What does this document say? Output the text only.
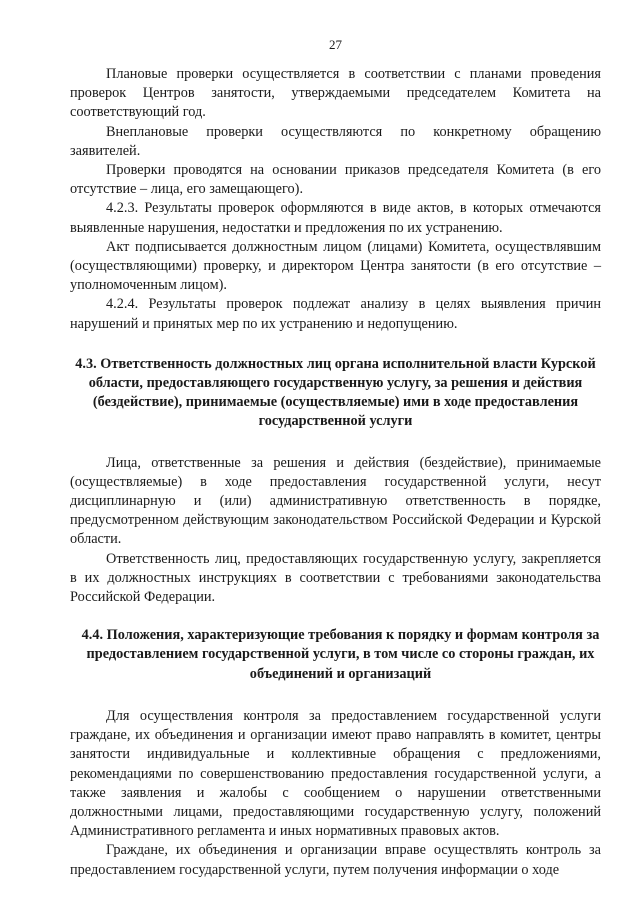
27

Плановые проверки осуществляется в соответствии с планами проведения проверок Центров занятости, утверждаемыми председателем Комитета на соответствующий год.

Внеплановые проверки осуществляются по конкретному обращению заявителей.

Проверки проводятся на основании приказов председателя Комитета (в его отсутствие – лица, его замещающего).

4.2.3. Результаты проверок оформляются в виде актов, в которых отмечаются выявленные нарушения, недостатки и предложения по их устранению.

Акт подписывается должностным лицом (лицами) Комитета, осуществлявшим (осуществляющими) проверку, и директором Центра занятости (в его отсутствие – уполномоченным лицом).

4.2.4. Результаты проверок подлежат анализу в целях выявления причин нарушений и принятых мер по их устранению и недопущению.

4.3. Ответственность должностных лиц органа исполнительной власти Курской области, предоставляющего государственную услугу, за решения и действия (бездействие), принимаемые (осуществляемые) ими в ходе предоставления государственной услуги

Лица, ответственные за решения и действия (бездействие), принимаемые (осуществляемые) в ходе предоставления государственной услуги, несут дисциплинарную и (или) административную ответственность в порядке, предусмотренном действующим законодательством Российской Федерации и Курской области.

Ответственность лиц, предоставляющих государственную услугу, закрепляется в их должностных инструкциях в соответствии с требованиями законодательства Российской Федерации.

4.4. Положения, характеризующие требования к порядку и формам контроля за предоставлением государственной услуги, в том числе со стороны граждан, их объединений и организаций

Для осуществления контроля за предоставлением государственной услуги граждане, их объединения и организации имеют право направлять в комитет, центры занятости индивидуальные и коллективные обращения с предложениями, рекомендациями по совершенствованию предоставления государственной услуги, а также заявления и жалобы с сообщением о нарушении ответственными должностными лицами, предоставляющими государственную услугу, положений Административного регламента и иных нормативных правовых актов.

Граждане, их объединения и организации вправе осуществлять контроль за предоставлением государственной услуги, путем получения информации о ходе
